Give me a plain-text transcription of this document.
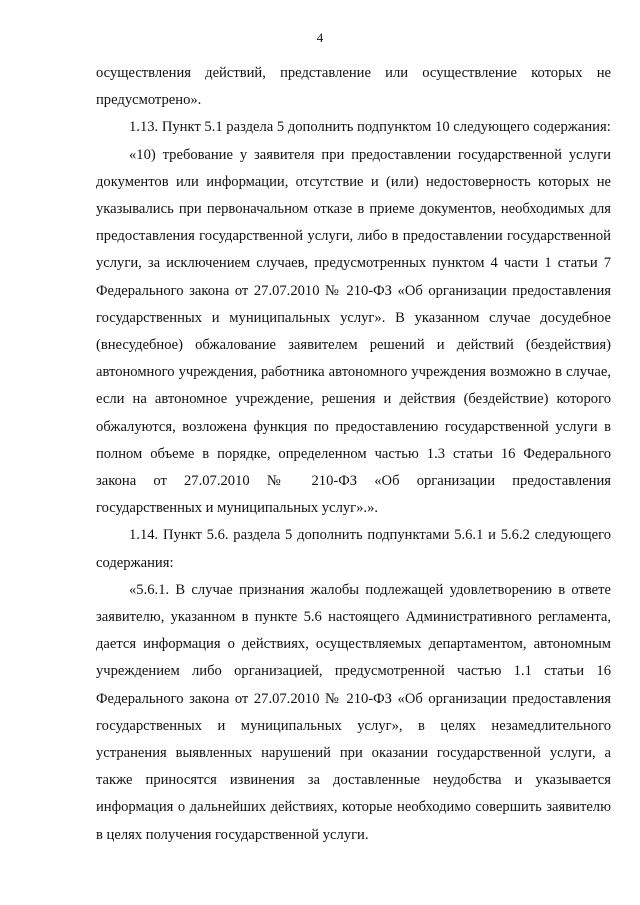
4

осуществления действий, представление или осуществление которых не предусмотрено».

1.13. Пункт 5.1 раздела 5 дополнить подпунктом 10 следующего содержания:

«10) требование у заявителя при предоставлении государственной услуги документов или информации, отсутствие и (или) недостоверность которых не указывались при первоначальном отказе в приеме документов, необходимых для предоставления государственной услуги, либо в предоставлении государственной услуги, за исключением случаев, предусмотренных пунктом 4 части 1 статьи 7 Федерального закона от 27.07.2010 № 210-ФЗ «Об организации предоставления государственных и муниципальных услуг». В указанном случае досудебное (внесудебное) обжалование заявителем решений и действий (бездействия) автономного учреждения, работника автономного учреждения возможно в случае, если на автономное учреждение, решения и действия (бездействие) которого обжалуются, возложена функция по предоставлению государственной услуги в полном объеме в порядке, определенном частью 1.3 статьи 16 Федерального закона от 27.07.2010 № 210-ФЗ «Об организации предоставления государственных и муниципальных услуг».».

1.14. Пункт 5.6. раздела 5 дополнить подпунктами 5.6.1 и 5.6.2 следующего содержания:

«5.6.1. В случае признания жалобы подлежащей удовлетворению в ответе заявителю, указанном в пункте 5.6 настоящего Административного регламента, дается информация о действиях, осуществляемых департаментом, автономным учреждением либо организацией, предусмотренной частью 1.1 статьи 16 Федерального закона от 27.07.2010 № 210-ФЗ «Об организации предоставления государственных и муниципальных услуг», в целях незамедлительного устранения выявленных нарушений при оказании государственной услуги, а также приносятся извинения за доставленные неудобства и указывается информация о дальнейших действиях, которые необходимо совершить заявителю в целях получения государственной услуги.
